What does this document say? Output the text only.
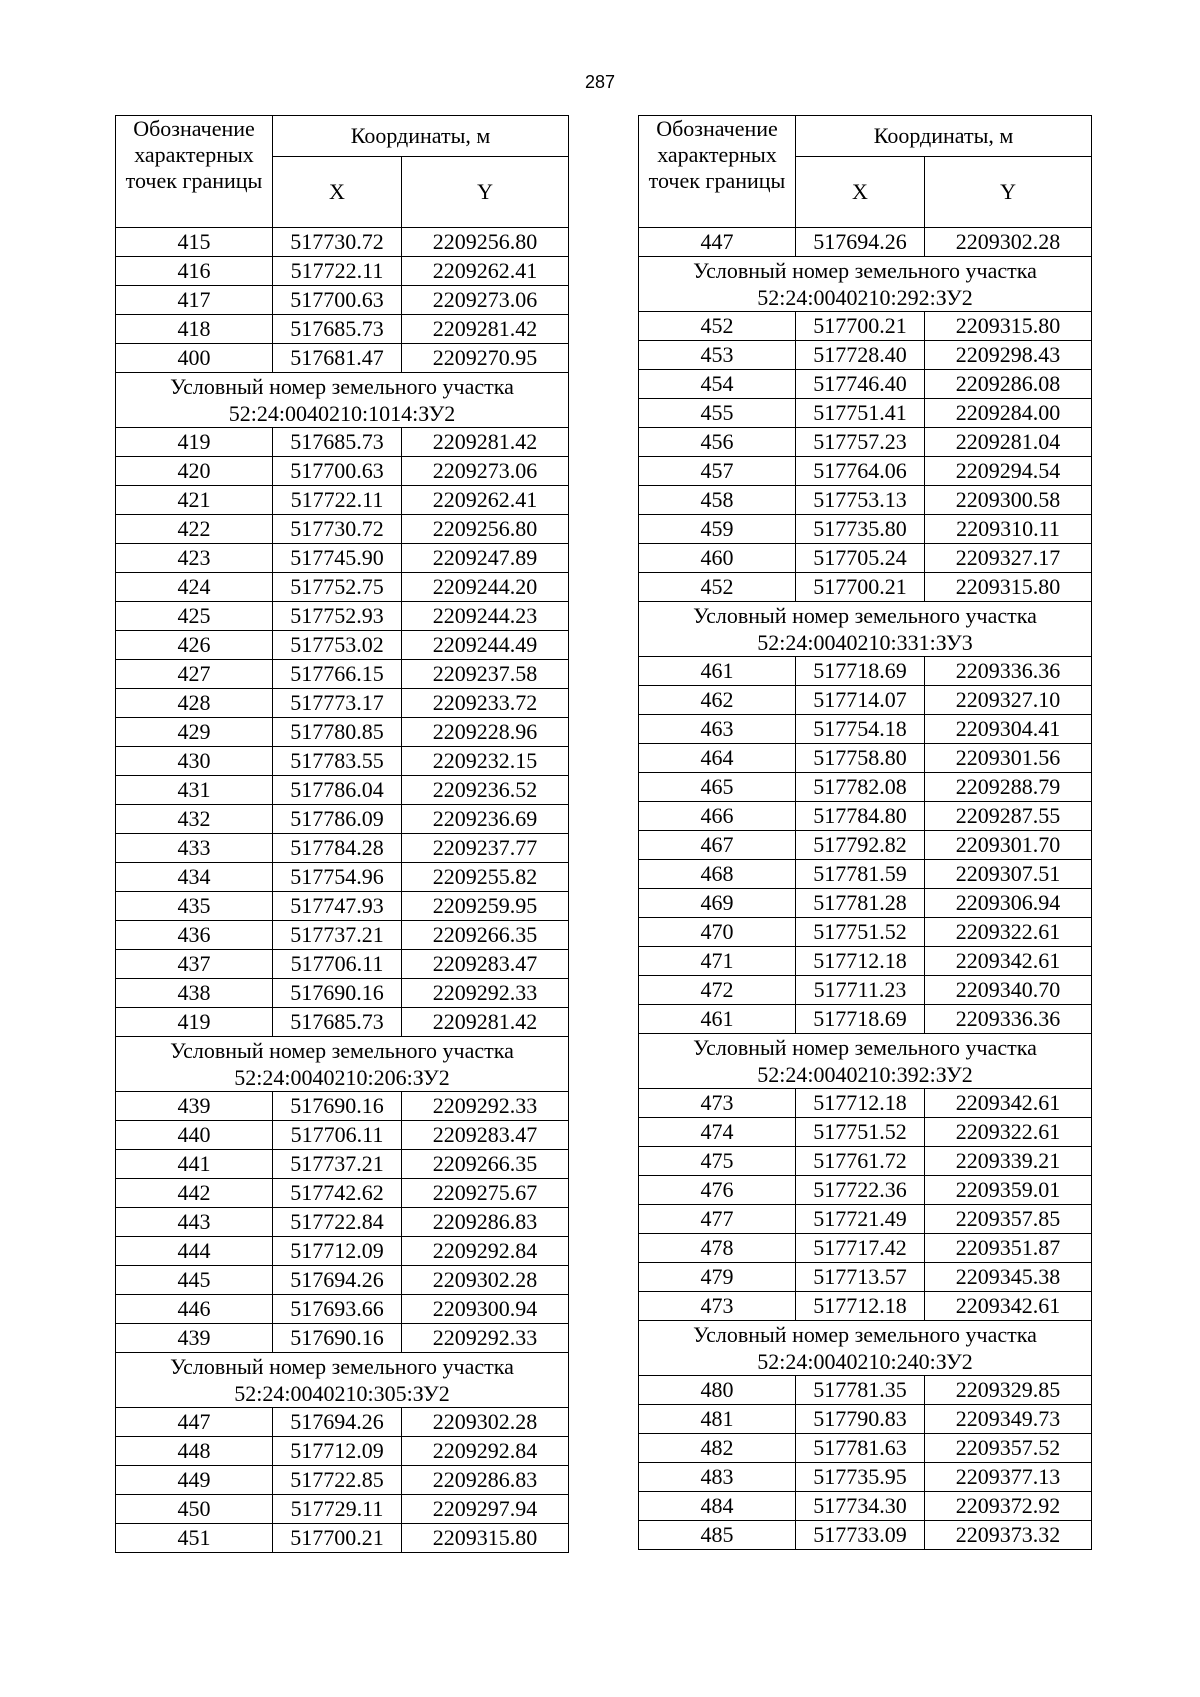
287
Обозначение характерных точек границы	Координаты, м	
	X	Y
415	517730.72	2209256.80
416	517722.11	2209262.41
417	517700.63	2209273.06
418	517685.73	2209281.42
400	517681.47	2209270.95
Условный номер земельного участка 52:24:0040210:1014:ЗУ2		
419	517685.73	2209281.42
420	517700.63	2209273.06
421	517722.11	2209262.41
422	517730.72	2209256.80
423	517745.90	2209247.89
424	517752.75	2209244.20
425	517752.93	2209244.23
426	517753.02	2209244.49
427	517766.15	2209237.58
428	517773.17	2209233.72
429	517780.85	2209228.96
430	517783.55	2209232.15
431	517786.04	2209236.52
432	517786.09	2209236.69
433	517784.28	2209237.77
434	517754.96	2209255.82
435	517747.93	2209259.95
436	517737.21	2209266.35
437	517706.11	2209283.47
438	517690.16	2209292.33
419	517685.73	2209281.42
Условный номер земельного участка 52:24:0040210:206:ЗУ2		
439	517690.16	2209292.33
440	517706.11	2209283.47
441	517737.21	2209266.35
442	517742.62	2209275.67
443	517722.84	2209286.83
444	517712.09	2209292.84
445	517694.26	2209302.28
446	517693.66	2209300.94
439	517690.16	2209292.33
Условный номер земельного участка 52:24:0040210:305:ЗУ2		
447	517694.26	2209302.28
448	517712.09	2209292.84
449	517722.85	2209286.83
450	517729.11	2209297.94
451	517700.21	2209315.80
Обозначение характерных точек границы	Координаты, м	
	X	Y
447	517694.26	2209302.28
Условный номер земельного участка 52:24:0040210:292:ЗУ2		
452	517700.21	2209315.80
453	517728.40	2209298.43
454	517746.40	2209286.08
455	517751.41	2209284.00
456	517757.23	2209281.04
457	517764.06	2209294.54
458	517753.13	2209300.58
459	517735.80	2209310.11
460	517705.24	2209327.17
452	517700.21	2209315.80
Условный номер земельного участка 52:24:0040210:331:ЗУ3		
461	517718.69	2209336.36
462	517714.07	2209327.10
463	517754.18	2209304.41
464	517758.80	2209301.56
465	517782.08	2209288.79
466	517784.80	2209287.55
467	517792.82	2209301.70
468	517781.59	2209307.51
469	517781.28	2209306.94
470	517751.52	2209322.61
471	517712.18	2209342.61
472	517711.23	2209340.70
461	517718.69	2209336.36
Условный номер земельного участка 52:24:0040210:392:ЗУ2		
473	517712.18	2209342.61
474	517751.52	2209322.61
475	517761.72	2209339.21
476	517722.36	2209359.01
477	517721.49	2209357.85
478	517717.42	2209351.87
479	517713.57	2209345.38
473	517712.18	2209342.61
Условный номер земельного участка 52:24:0040210:240:ЗУ2		
480	517781.35	2209329.85
481	517790.83	2209349.73
482	517781.63	2209357.52
483	517735.95	2209377.13
484	517734.30	2209372.92
485	517733.09	2209373.32
